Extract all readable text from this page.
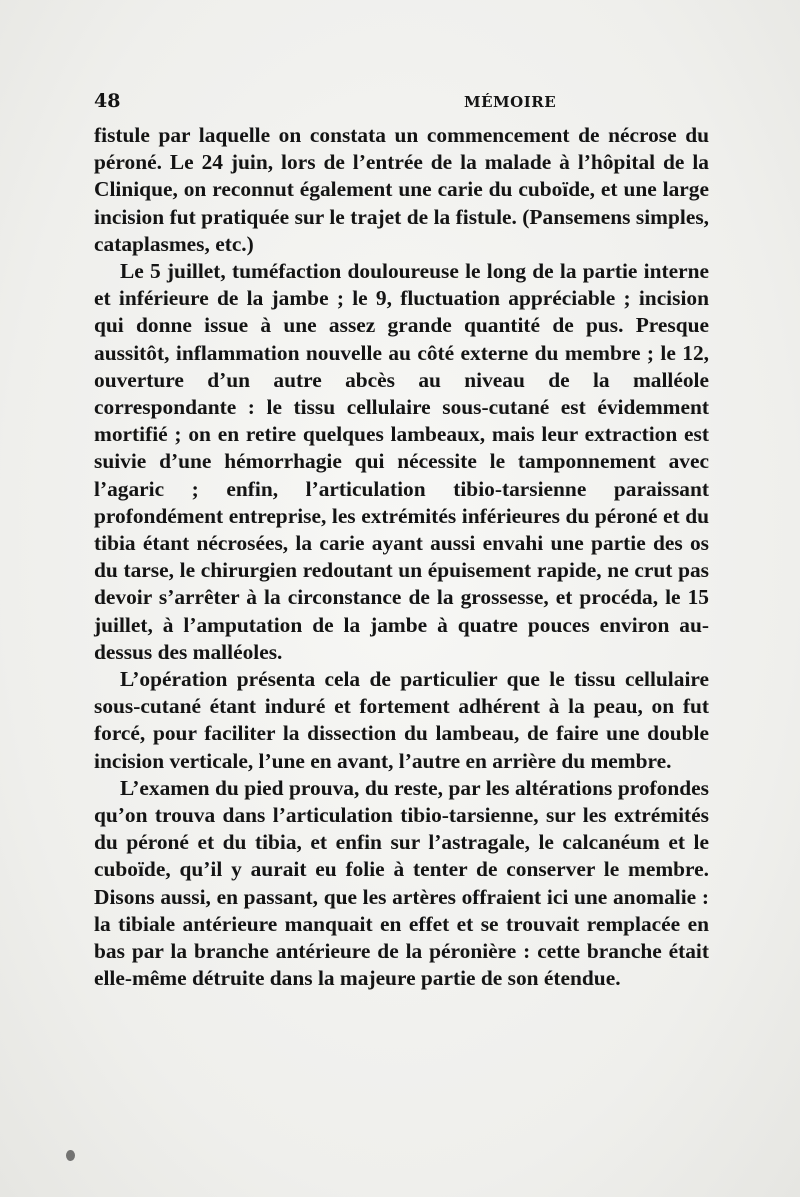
48	MÉMOIRE

fistule par laquelle on constata un commencement de nécrose du péroné. Le 24 juin, lors de l’entrée de la malade à l’hôpital de la Clinique, on reconnut également une carie du cuboïde, et une large incision fut pratiquée sur le trajet de la fistule. (Pansemens simples, cataplasmes, etc.)

Le 5 juillet, tuméfaction douloureuse le long de la partie interne et inférieure de la jambe ; le 9, fluctuation appréciable ; incision qui donne issue à une assez grande quantité de pus. Presque aussitôt, inflammation nouvelle au côté externe du membre ; le 12, ouverture d’un autre abcès au niveau de la malléole correspondante : le tissu cellulaire sous-cutané est évidemment mortifié ; on en retire quelques lambeaux, mais leur extraction est suivie d’une hémorrhagie qui nécessite le tamponnement avec l’agaric ; enfin, l’articulation tibio-tarsienne paraissant profondément entreprise, les extrémités inférieures du péroné et du tibia étant nécrosées, la carie ayant aussi envahi une partie des os du tarse, le chirurgien redoutant un épuisement rapide, ne crut pas devoir s’arrêter à la circonstance de la grossesse, et procéda, le 15 juillet, à l’amputation de la jambe à quatre pouces environ au-dessus des malléoles.

L’opération présenta cela de particulier que le tissu cellulaire sous-cutané étant induré et fortement adhérent à la peau, on fut forcé, pour faciliter la dissection du lambeau, de faire une double incision verticale, l’une en avant, l’autre en arrière du membre.

L’examen du pied prouva, du reste, par les altérations profondes qu’on trouva dans l’articulation tibio-tarsienne, sur les extrémités du péroné et du tibia, et enfin sur l’astragale, le calcanéum et le cuboïde, qu’il y aurait eu folie à tenter de conserver le membre. Disons aussi, en passant, que les artères offraient ici une anomalie : la tibiale antérieure manquait en effet et se trouvait remplacée en bas par la branche antérieure de la péronière : cette branche était elle-même détruite dans la majeure partie de son étendue.
